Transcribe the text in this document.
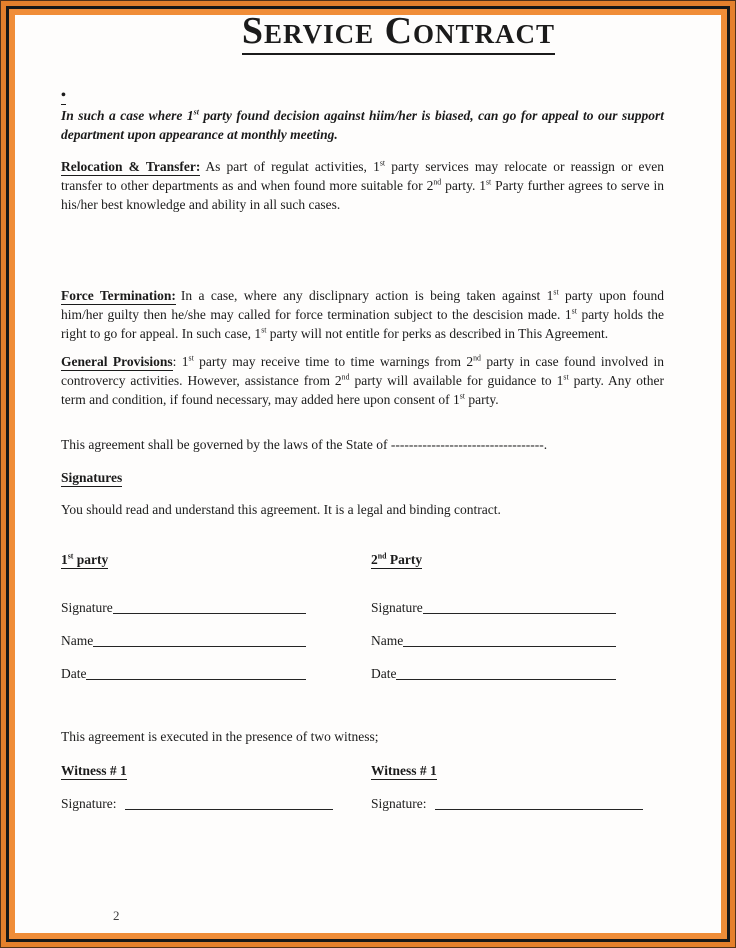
Service Contract
•

In such a case where 1st party found decision against hiim/her is biased, can go for appeal to our support department upon appearance at monthly meeting.

Relocation & Transfer: As part of regulat activities, 1st party services may relocate or reassign or even transfer to other departments as and when found more suitable for 2nd party. 1st Party further agrees to serve in his/her best knowledge and ability in all such cases.

Force Termination: In a case, where any disclipnary action is being taken against 1st party upon found him/her guilty then he/she may called for force termination subject to the descision made. 1st party holds the right to go for appeal. In such case, 1st party will not entitle for perks as described in This Agreement.

General Provisions: 1st party may receive time to time warnings from 2nd party in case found involved in controvercy activities. However, assistance from 2nd party will available for guidance to 1st party. Any other term and condition, if found necessary, may added here upon consent of 1st party.

This agreement shall be governed by the laws of the State of ----------------------------------.

Signatures

You should read and understand this agreement. It is a legal and binding contract.

1st party	2nd Party
Signature	Signature
Name	Name
Date	Date

This agreement is executed in the presence of two witness;

Witness # 1	Witness # 1
Signature:	Signature:
2
